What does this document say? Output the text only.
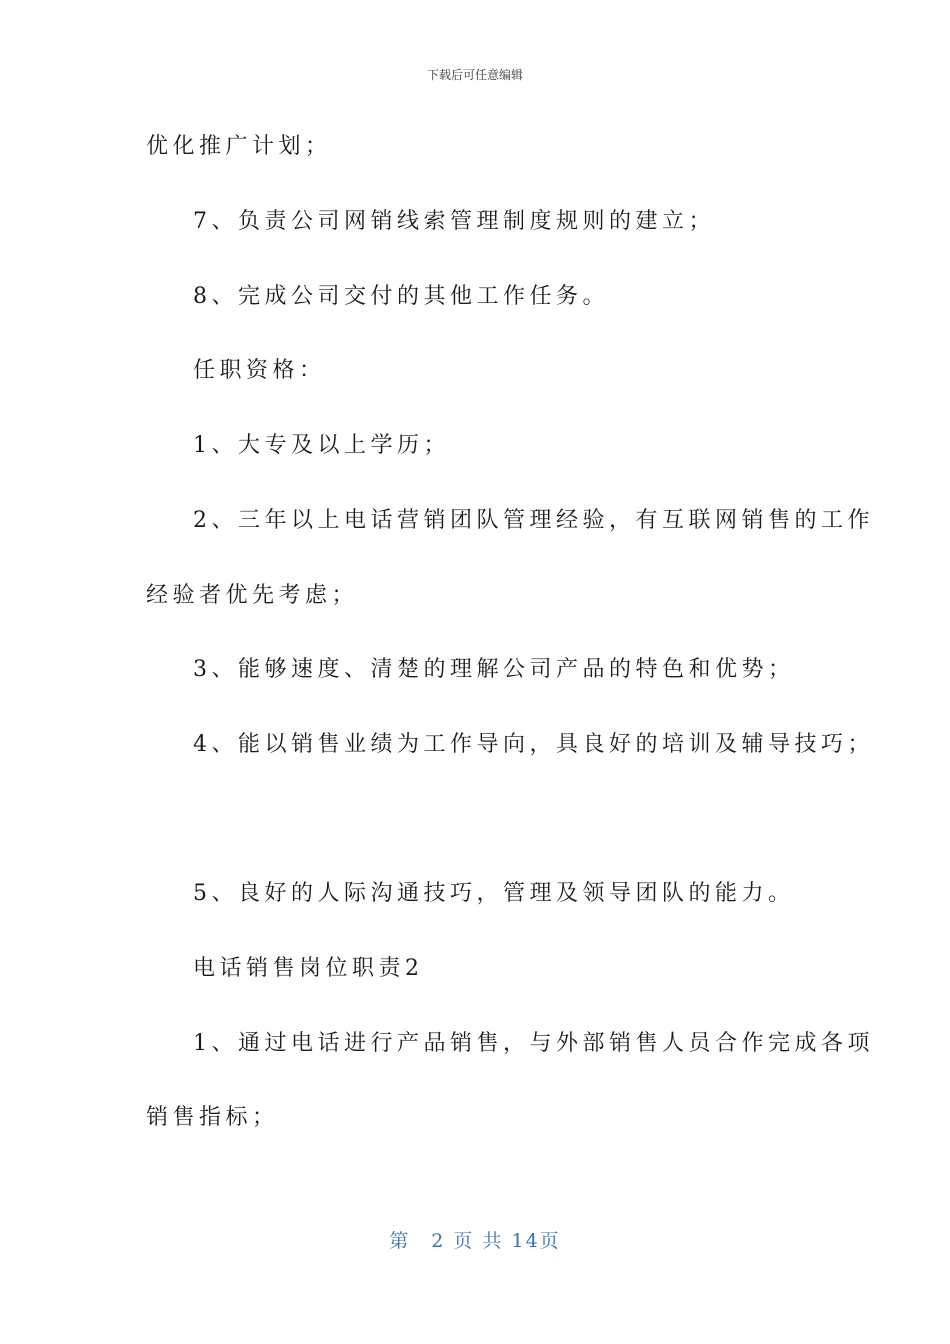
下载后可任意编辑
优化推广计划；
7、负责公司网销线索管理制度规则的建立；
8、完成公司交付的其他工作任务。
任职资格：
1、大专及以上学历；
2、三年以上电话营销团队管理经验，有互联网销售的工作
经验者优先考虑；
3、能够速度、清楚的理解公司产品的特色和优势；
4、能以销售业绩为工作导向，具良好的培训及辅导技巧；
5、良好的人际沟通技巧，管理及领导团队的能力。
电话销售岗位职责2
1、通过电话进行产品销售，与外部销售人员合作完成各项
销售指标；
第　2 页 共 14页
